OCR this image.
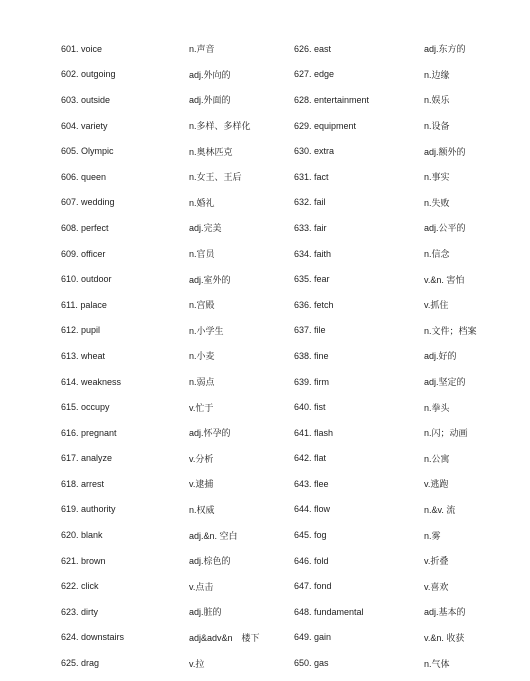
601. voice	n.声音
602. outgoing	adj.外向的
603. outside	adj.外面的
604. variety	n.多样、多样化
605. Olympic	n.奥林匹克
606. queen	n.女王、王后
607. wedding	n.婚礼
608. perfect	adj.完美
609. officer	n.官员
610. outdoor	adj.室外的
611. palace	n.宫殿
612. pupil	n.小学生
613. wheat	n.小麦
614. weakness	n.弱点
615. occupy	v.忙于
616. pregnant	adj.怀孕的
617. analyze	v.分析
618. arrest	v.逮捕
619. authority	n.权威
620. blank	adj.&n. 空白
621. brown	adj.棕色的
622. click	v.点击
623. dirty	adj.脏的
624. downstairs	adj&adv&n　楼下
625. drag	v.拉
626. east	adj.东方的
627. edge	n.边缘
628. entertainment	n.娱乐
629. equipment	n.设备
630. extra	adj.额外的
631. fact	n.事实
632. fail	n.失败
633. fair	adj.公平的
634. faith	n.信念
635. fear	v.&n. 害怕
636. fetch	v.抓住
637. file	n.文件；档案
638. fine	adj.好的
639. firm	adj.坚定的
640. fist	n.拳头
641. flash	n.闪；动画
642. flat	n.公寓
643. flee	v.逃跑
644. flow	n.&v. 流
645. fog	n.雾
646. fold	v.折叠
647. fond	v.喜欢
648. fundamental	adj.基本的
649. gain	v.&n. 收获
650. gas	n.气体
